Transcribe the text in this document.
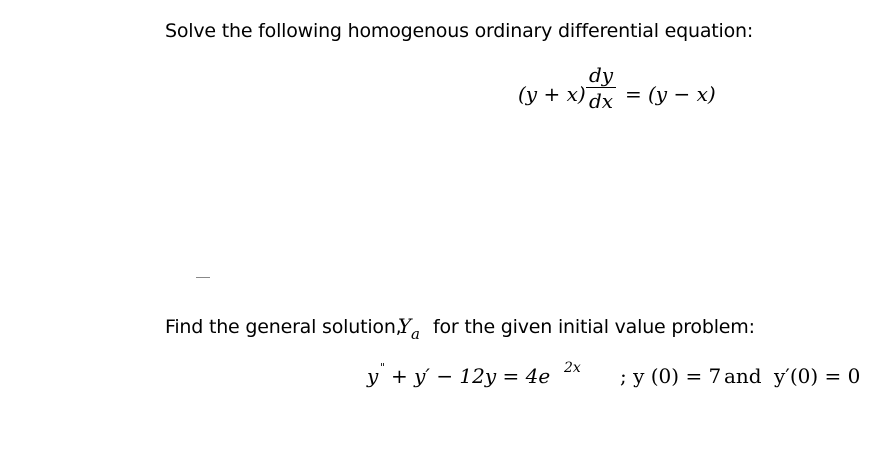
Solve the following homogenous ordinary differential equation:
(y + x)
dy
dx = (y − x)
Find the general solution,
Y a for the given initial value problem:
y " + y′ − 12y = 4e 2x ; y (0) = 7 and y′(0) = 0
